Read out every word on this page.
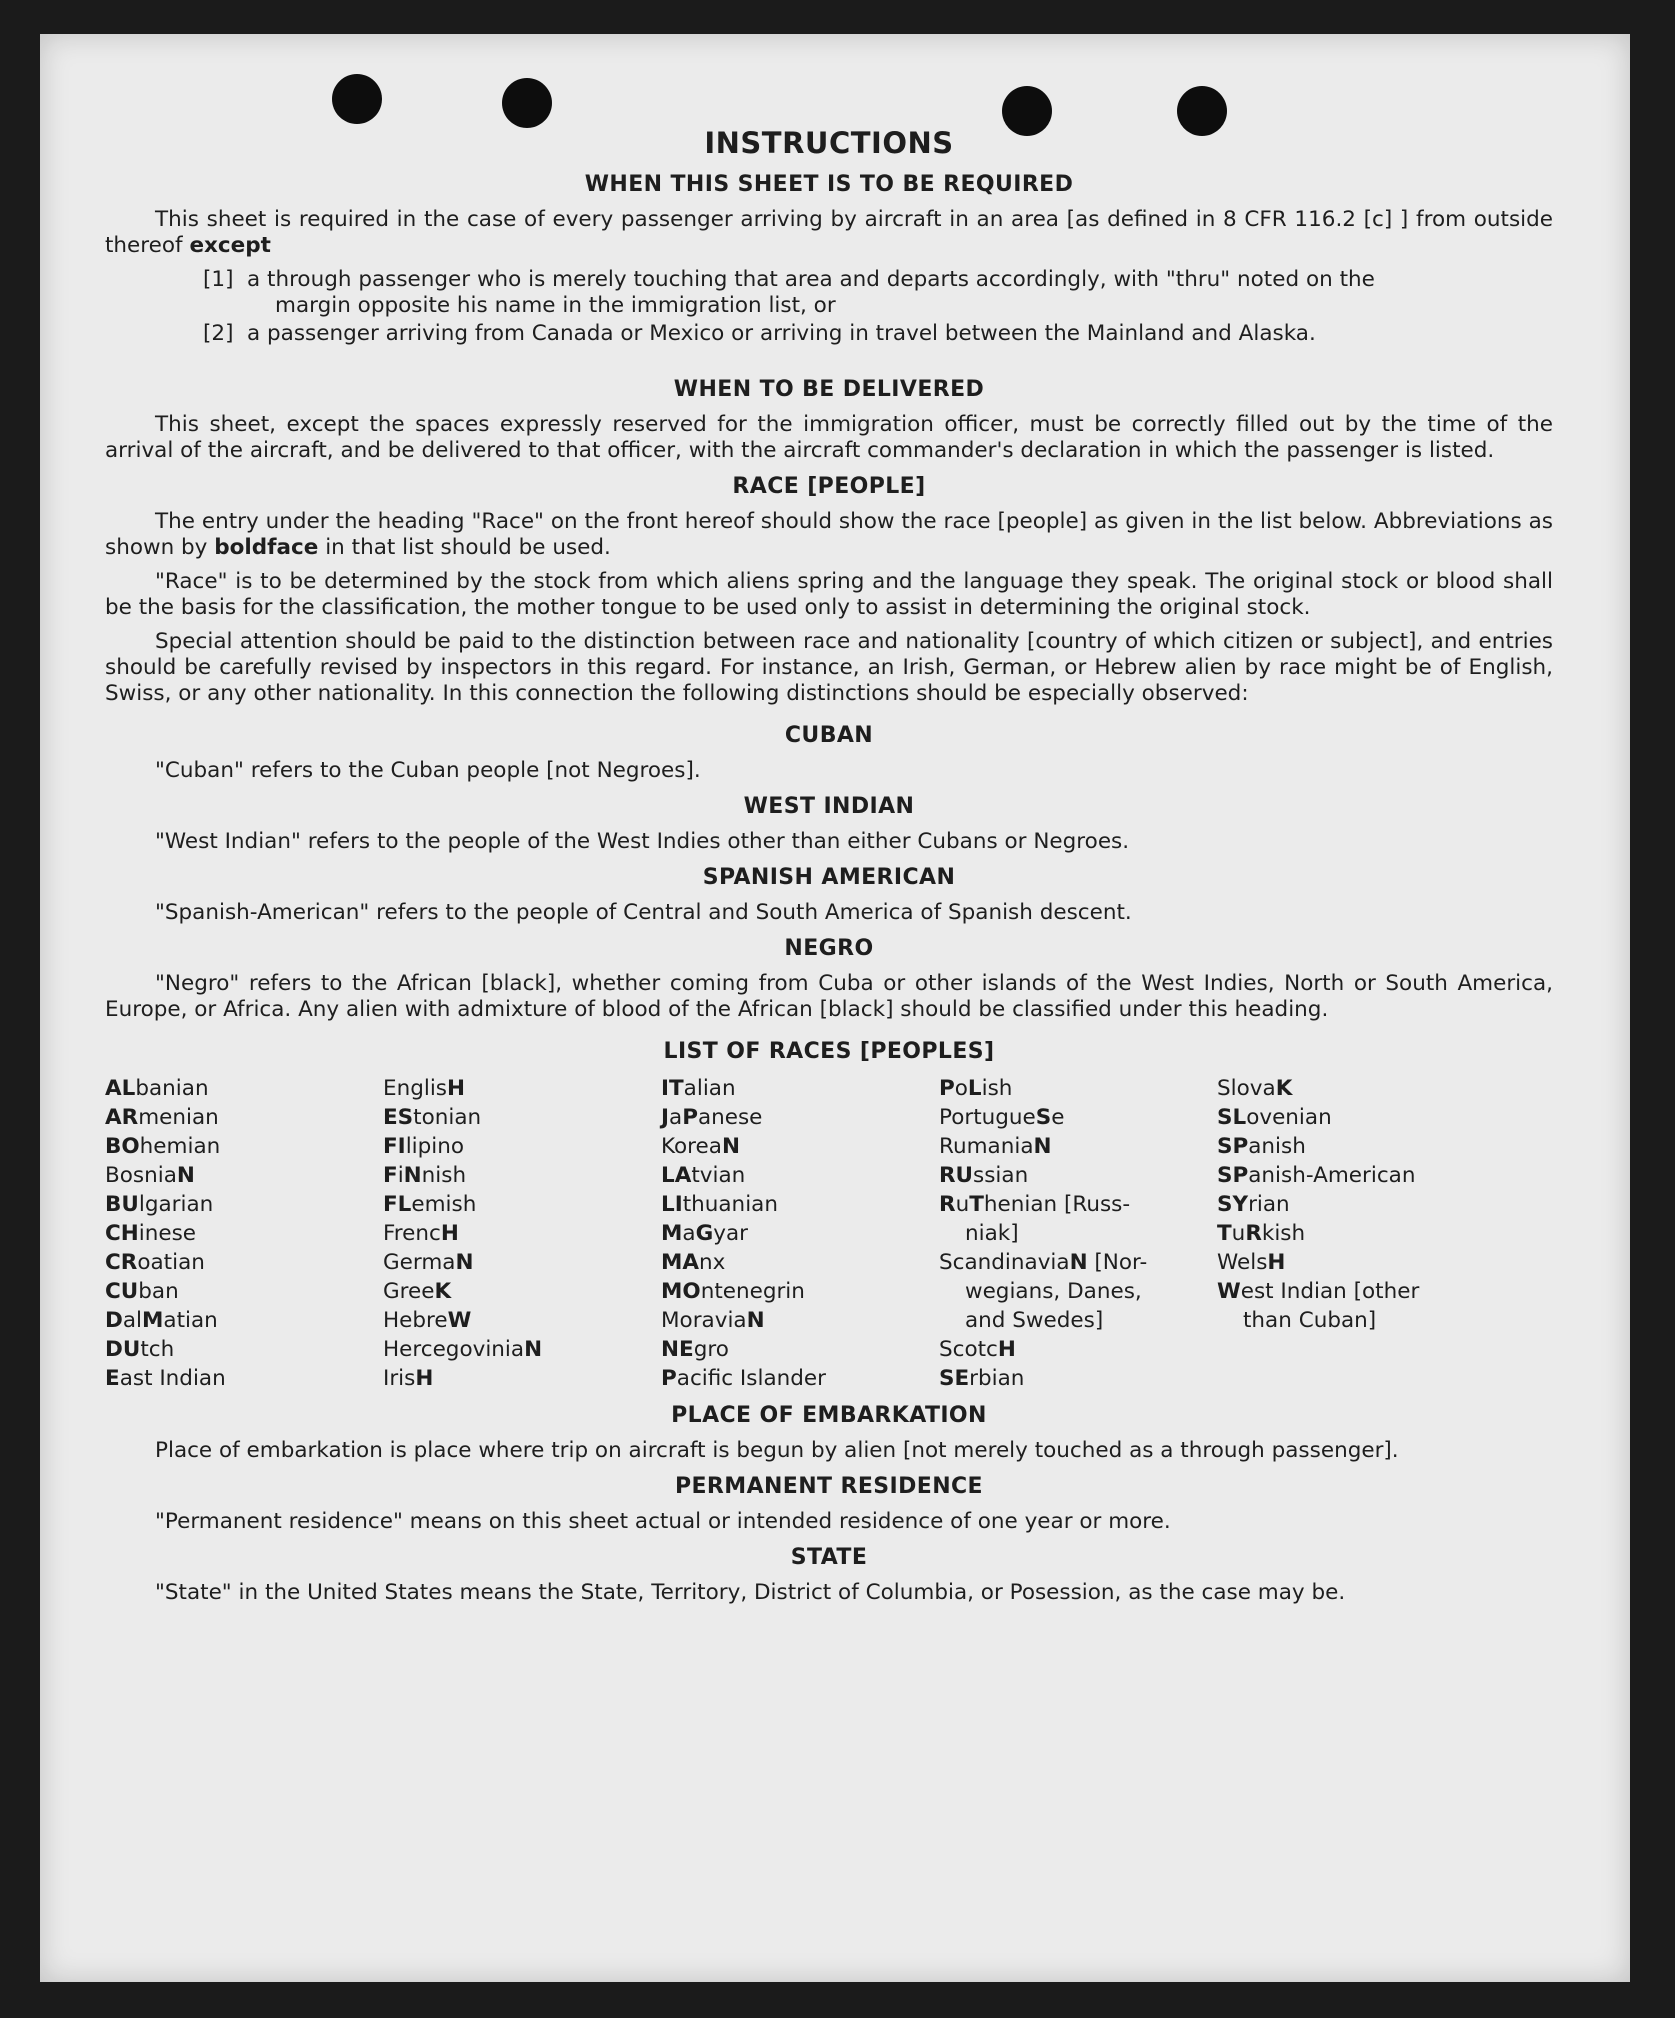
INSTRUCTIONS
WHEN THIS SHEET IS TO BE REQUIRED

This sheet is required in the case of every passenger arriving by aircraft in an area [as defined in 8 CFR 116.2 [c] ] from outside thereof except

[1] a through passenger who is merely touching that area and departs accordingly, with "thru" noted on the
margin opposite his name in the immigration list, or
[2] a passenger arriving from Canada or Mexico or arriving in travel between the Mainland and Alaska.
WHEN TO BE DELIVERED

This sheet, except the spaces expressly reserved for the immigration officer, must be correctly filled out by the time of the arrival of the aircraft, and be delivered to that officer, with the aircraft commander's declaration in which the passenger is listed.

RACE [PEOPLE]

The entry under the heading "Race" on the front hereof should show the race [people] as given in the list below. Abbreviations as shown by boldface in that list should be used.

"Race" is to be determined by the stock from which aliens spring and the language they speak. The original stock or blood shall be the basis for the classification, the mother tongue to be used only to assist in determining the original stock.

Special attention should be paid to the distinction between race and nationality [country of which citizen or subject], and entries should be carefully revised by inspectors in this regard. For instance, an Irish, German, or Hebrew alien by race might be of English, Swiss, or any other nationality. In this connection the following distinctions should be especially observed:

CUBAN

"Cuban" refers to the Cuban people [not Negroes].

WEST INDIAN

"West Indian" refers to the people of the West Indies other than either Cubans or Negroes.

SPANISH AMERICAN

"Spanish-American" refers to the people of Central and South America of Spanish descent.

NEGRO

"Negro" refers to the African [black], whether coming from Cuba or other islands of the West Indies, North or South America, Europe, or Africa. Any alien with admixture of blood of the African [black] should be classified under this heading.

LIST OF RACES [PEOPLES]
ALbanian
ARmenian
BOhemian
BosniaN
BUlgarian
CHinese
CRoatian
CUban
DalMatian
DUtch
East Indian
EnglisH
EStonian
FIlipino
FiNnish
FLemish
FrencH
GermaN
GreeK
HebreW
HercegoviniaN
IrisH
ITalian
JaPanese
KoreaN
LAtvian
LIthuanian
MaGyar
MAnx
MOntenegrin
MoraviaN
NEgro
Pacific Islander
PoLish
PortugueSe
RumaniaN
RUssian
RuThenian [Russ-
niak]
ScandinaviaN [Nor-
wegians, Danes,
and Swedes]
ScotcH
SErbian
SlovaK
SLovenian
SPanish
SPanish-American
SYrian
TuRkish
WelsH
West Indian [other
than Cuban]
PLACE OF EMBARKATION

Place of embarkation is place where trip on aircraft is begun by alien [not merely touched as a through passenger].

PERMANENT RESIDENCE

"Permanent residence" means on this sheet actual or intended residence of one year or more.

STATE

"State" in the United States means the State, Territory, District of Columbia, or Posession, as the case may be.
